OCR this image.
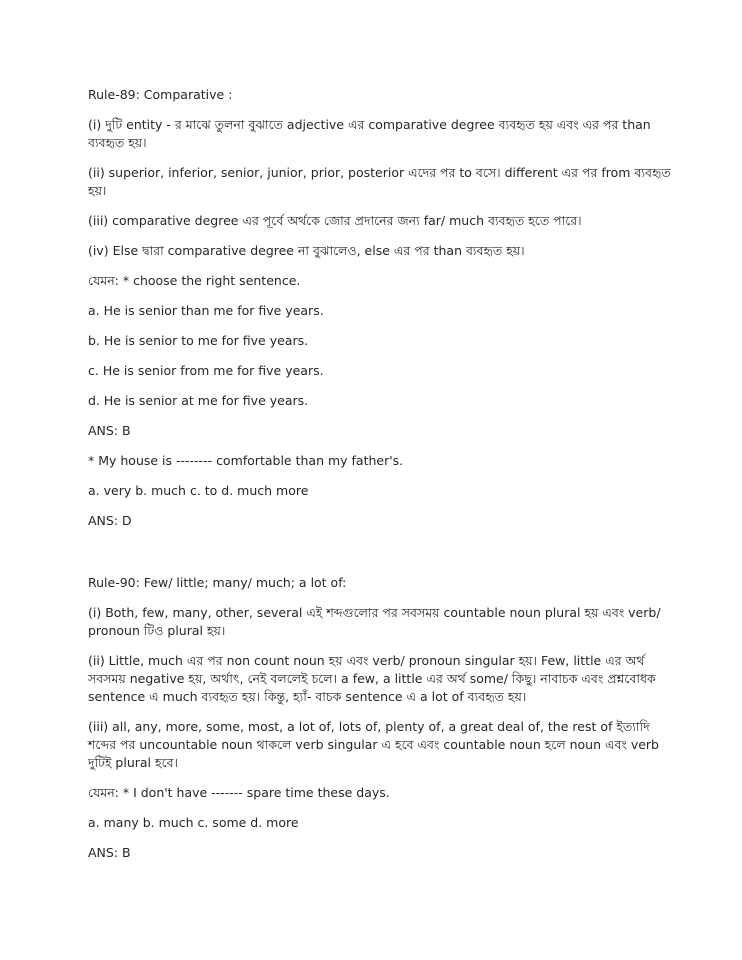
Rule-89: Comparative :
(i) দুটি entity - র মাঝে তুলনা বুঝাতে adjective এর comparative degree ব্যবহৃত হয় এবং এর পর than ব্যবহৃত হয়।
(ii) superior, inferior, senior, junior, prior, posterior এদের পর to বসে। different এর পর from ব্যবহৃত হয়।
(iii) comparative degree এর পূর্বে অর্থকে জোর প্রদানের জন্য far/ much ব্যবহৃত হতে পারে।
(iv) Else দ্বারা comparative degree না বুঝালেও, else এর পর than ব্যবহৃত হয়।
যেমন: * choose the right sentence.
a. He is senior than me for five years.
b. He is senior to me for five years.
c. He is senior from me for five years.
d. He is senior at me for five years.
ANS: B
* My house is -------- comfortable than my father's.
a. very b. much c. to d. much more
ANS: D
Rule-90: Few/ little; many/ much; a lot of:
(i) Both, few, many, other, several এই শব্দগুলোর পর সবসময় countable noun plural হয় এবং verb/ pronoun টিও plural হয়।
(ii) Little, much এর পর non count noun হয় এবং verb/ pronoun singular হয়। Few, little এর অর্থ সবসময় negative হয়, অর্থাৎ, নেই বললেই চলে। a few, a little এর অর্থ some/ কিছু। নাবাচক এবং প্রশ্নবোধক sentence এ much ব্যবহৃত হয়। কিন্তু, হ্যাঁ- বাচক sentence এ a lot of ব্যবহৃত হয়।
(iii) all, any, more, some, most, a lot of, lots of, plenty of, a great deal of, the rest of ইত্যাদি শব্দের পর uncountable noun থাকলে verb singular এ হবে এবং countable noun হলে noun এবং verb দুটিই plural হবে।
যেমন: * I don't have ------- spare time these days.
a. many b. much c. some d. more
ANS: B
